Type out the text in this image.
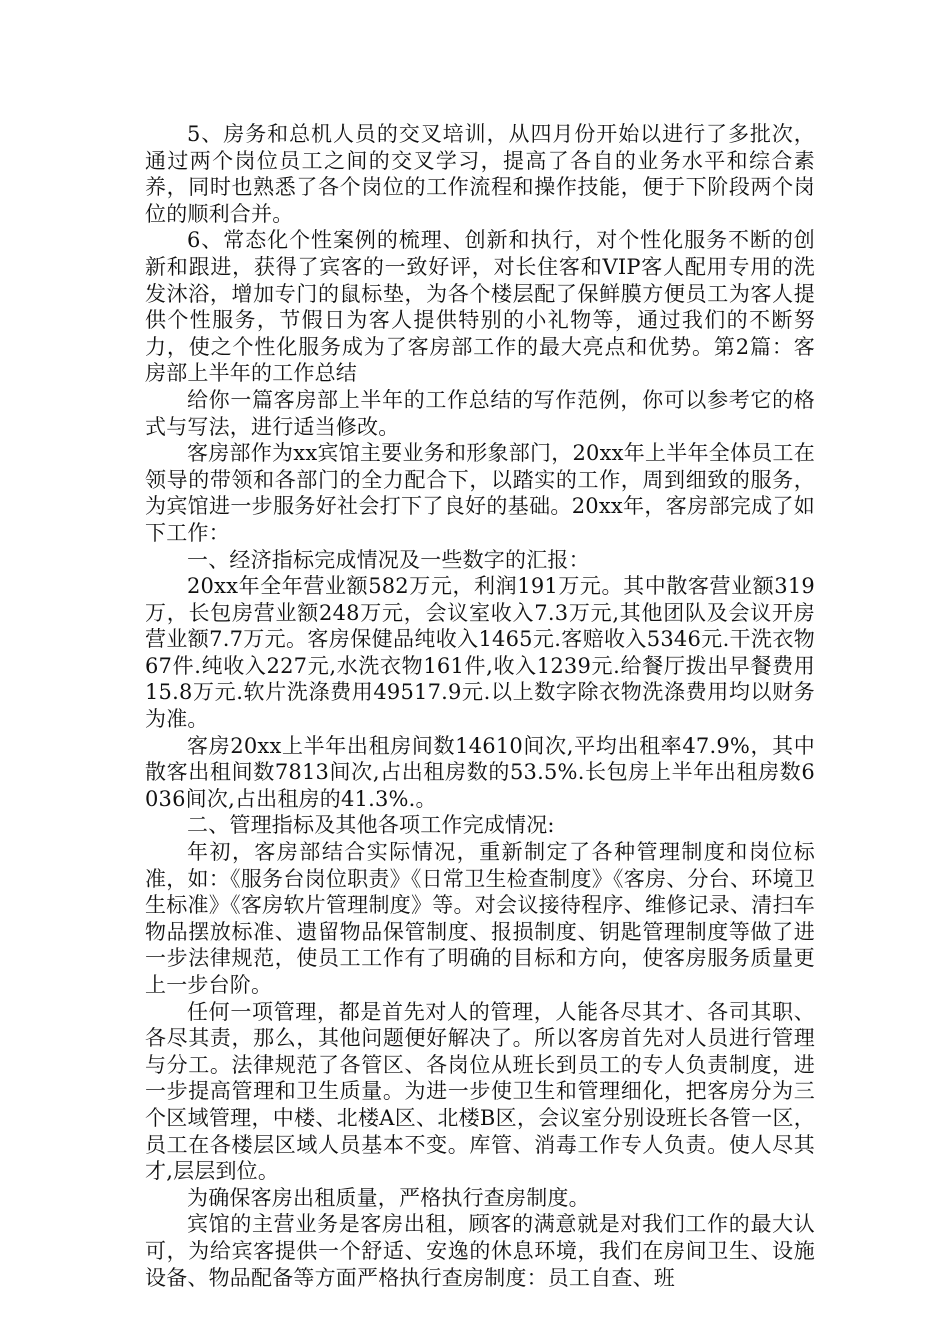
5、房务和总机人员的交叉培训，从四月份开始以进行了多批次，通过两个岗位员工之间的交叉学习，提高了各自的业务水平和综合素养，同时也熟悉了各个岗位的工作流程和操作技能，便于下阶段两个岗位的顺利合并。

6、常态化个性案例的梳理、创新和执行，对个性化服务不断的创新和跟进，获得了宾客的一致好评，对长住客和VIP客人配用专用的洗发沐浴，增加专门的鼠标垫，为各个楼层配了保鲜膜方便员工为客人提供个性服务，节假日为客人提供特别的小礼物等，通过我们的不断努力，使之个性化服务成为了客房部工作的最大亮点和优势。第2篇：客房部上半年的工作总结

给你一篇客房部上半年的工作总结的写作范例，你可以参考它的格式与写法，进行适当修改。

客房部作为xx宾馆主要业务和形象部门，20xx年上半年全体员工在领导的带领和各部门的全力配合下，以踏实的工作，周到细致的服务，为宾馆进一步服务好社会打下了良好的基础。20xx年，客房部完成了如下工作：

一、经济指标完成情况及一些数字的汇报：

20xx年全年营业额582万元，利润191万元。其中散客营业额319万，长包房营业额248万元，会议室收入7.3万元,其他团队及会议开房营业额7.7万元。客房保健品纯收入1465元.客赔收入5346元.干洗衣物67件.纯收入227元,水洗衣物161件,收入1239元.给餐厅拨出早餐费用15.8万元.软片洗涤费用49517.9元.以上数字除衣物洗涤费用均以财务为准。

客房20xx上半年出租房间数14610间次,平均出租率47.9%，其中散客出租间数7813间次,占出租房数的53.5%.长包房上半年出租房数6036间次,占出租房的41.3%.。

二、管理指标及其他各项工作完成情况:

年初，客房部结合实际情况，重新制定了各种管理制度和岗位标准，如：《服务台岗位职责》《日常卫生检查制度》《客房、分台、环境卫生标准》《客房软片管理制度》等。对会议接待程序、维修记录、清扫车物品摆放标准、遗留物品保管制度、报损制度、钥匙管理制度等做了进一步法律规范，使员工工作有了明确的目标和方向，使客房服务质量更上一步台阶。

任何一项管理，都是首先对人的管理，人能各尽其才、各司其职、各尽其责，那么，其他问题便好解决了。所以客房首先对人员进行管理与分工。法律规范了各管区、各岗位从班长到员工的专人负责制度，进一步提高管理和卫生质量。为进一步使卫生和管理细化，把客房分为三个区域管理，中楼、北楼A区、北楼B区，会议室分别设班长各管一区，员工在各楼层区域人员基本不变。库管、消毒工作专人负责。使人尽其才,层层到位。

为确保客房出租质量，严格执行查房制度。

宾馆的主营业务是客房出租，顾客的满意就是对我们工作的最大认可，为给宾客提供一个舒适、安逸的休息环境，我们在房间卫生、设施设备、物品配备等方面严格执行查房制度：员工自查、班
